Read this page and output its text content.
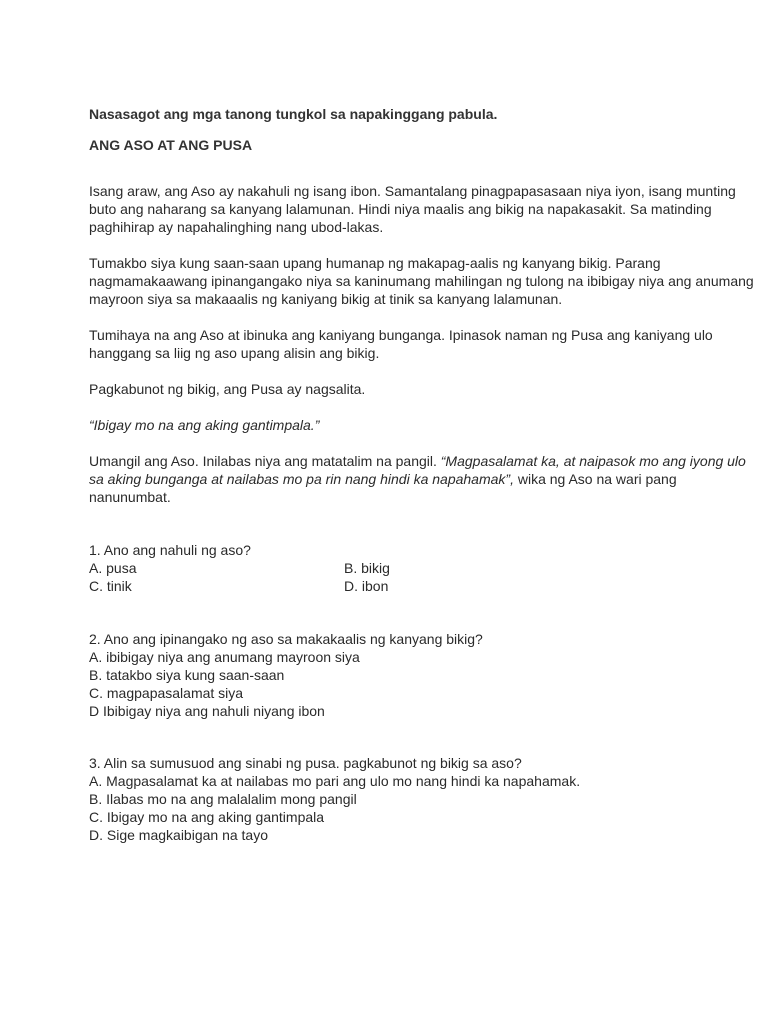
Nasasagot ang mga tanong tungkol sa napakinggang pabula.
ANG ASO AT ANG PUSA
Isang araw, ang Aso ay nakahuli ng isang ibon. Samantalang pinagpapasasaan niya iyon, isang munting
buto ang naharang sa kanyang lalamunan. Hindi niya maalis ang bikig na napakasakit. Sa matinding
paghihirap ay napahalinghing nang ubod-lakas.
Tumakbo siya kung saan-saan upang humanap ng makapag-aalis ng kanyang bikig. Parang
nagmamakaawang ipinangangako niya sa kaninumang mahilingan ng tulong na ibibigay niya ang anumang
mayroon siya sa makaaalis ng kaniyang bikig at tinik sa kanyang lalamunan.
Tumihaya na ang Aso at ibinuka ang kaniyang bunganga. Ipinasok naman ng Pusa ang kaniyang ulo
hanggang sa liig ng aso upang alisin ang bikig.
Pagkabunot ng bikig, ang Pusa ay nagsalita.
“Ibigay mo na ang aking gantimpala.”
Umangil ang Aso. Inilabas niya ang matatalim na pangil. “Magpasalamat ka, at naipasok mo ang iyong ulo
sa aking bunganga at nailabas mo pa rin nang hindi ka napahamak”, wika ng Aso na wari pang
nanunumbat.
1. Ano ang nahuli ng aso?
A. pusa	B. bikig
C. tinik	D. ibon
2. Ano ang ipinangako ng aso sa makakaalis ng kanyang bikig?
A. ibibigay niya ang anumang mayroon siya
B. tatakbo siya kung saan-saan
C. magpapasalamat siya
D Ibibigay niya ang nahuli niyang ibon
3. Alin sa sumusuod ang sinabi ng pusa. pagkabunot ng bikig sa aso?
A. Magpasalamat ka at nailabas mo pari ang ulo mo nang hindi ka napahamak.
B. Ilabas mo na ang malalalim mong pangil
C. Ibigay mo na ang aking gantimpala
D. Sige magkaibigan na tayo
